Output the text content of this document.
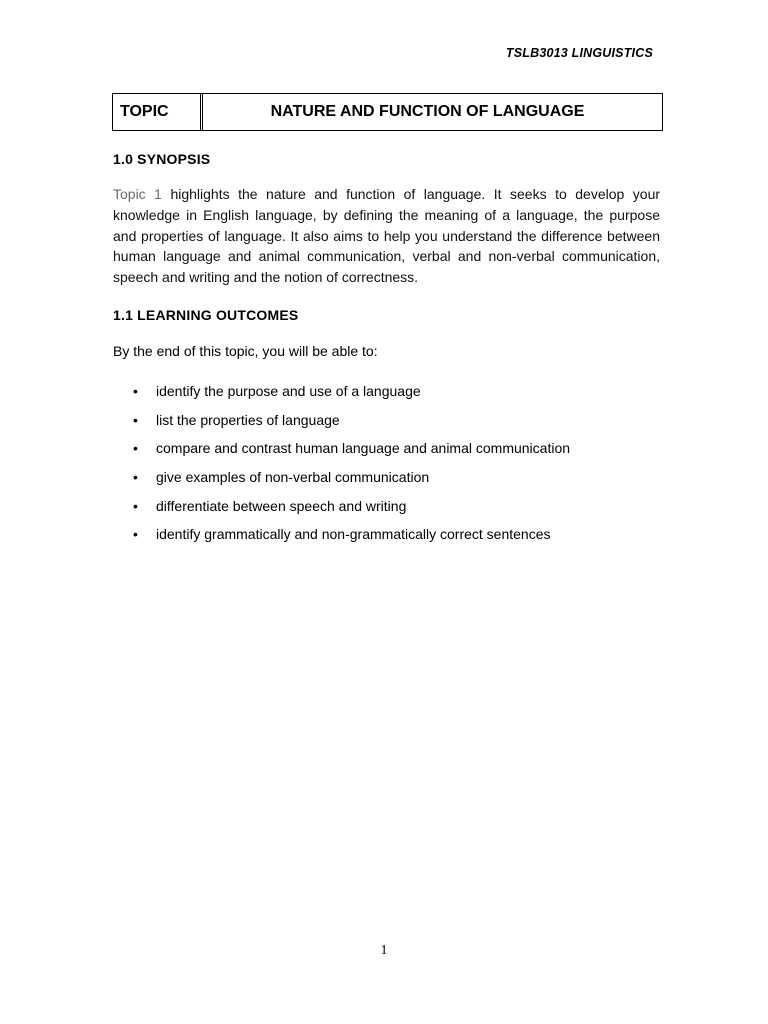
TSLB3013 LINGUISTICS
TOPIC	NATURE AND FUNCTION OF LANGUAGE
1.0 SYNOPSIS

Topic 1 highlights the nature and function of language. It seeks to develop your knowledge in English language, by defining the meaning of a language, the purpose and properties of language. It also aims to help you understand the difference between human language and animal communication, verbal and non-verbal communication, speech and writing and the notion of correctness.

1.1 LEARNING OUTCOMES
By the end of this topic, you will be able to:
•	identify the purpose and use of a language
•	list the properties of language
•	compare and contrast human language and animal communication
•	give examples of non-verbal communication
•	differentiate between speech and writing
•	identify grammatically and non-grammatically correct sentences
1
